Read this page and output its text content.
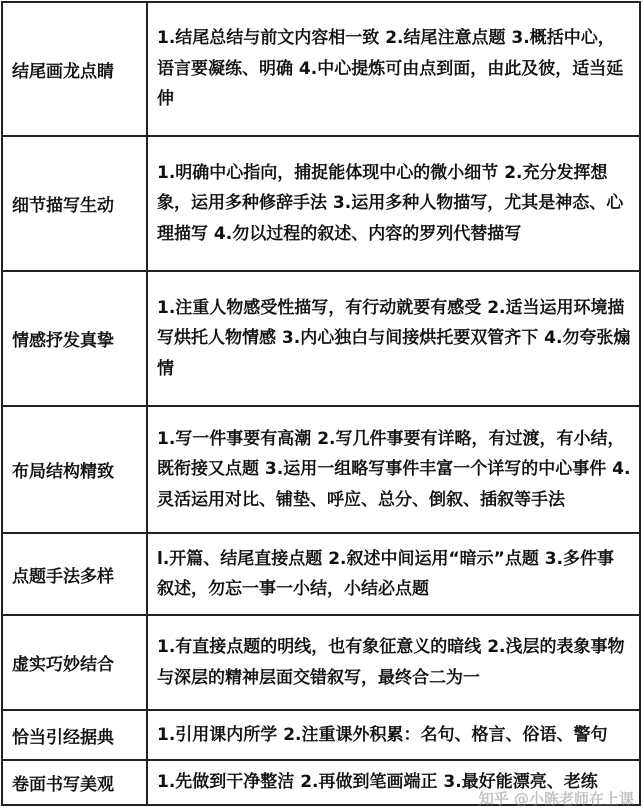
结尾画龙点睛	1.结尾总结与前文内容相一致 2.结尾注意点题 3.概括中心，语言要凝练、明确 4.中心提炼可由点到面，由此及彼，适当延伸
细节描写生动	1.明确中心指向，捕捉能体现中心的微小细节 2.充分发挥想象，运用多种修辞手法 3.运用多种人物描写，尤其是神态、心理描写 4.勿以过程的叙述、内容的罗列代替描写
情感抒发真挚	1.注重人物感受性描写，有行动就要有感受 2.适当运用环境描写烘托人物情感 3.内心独白与间接烘托要双管齐下 4.勿夸张煽情
布局结构精致	1.写一件事要有高潮 2.写几件事要有详略，有过渡，有小结，既衔接又点题 3.运用一组略写事件丰富一个详写的中心事件 4.灵活运用对比、铺垫、呼应、总分、倒叙、插叙等手法
点题手法多样	l.开篇、结尾直接点题 2.叙述中间运用“暗示”点题 3.多件事叙述，勿忘一事一小结，小结必点题
虚实巧妙结合	1.有直接点题的明线，也有象征意义的暗线 2.浅层的表象事物与深层的精神层面交错叙写，最终合二为一
恰当引经据典	1.引用课内所学 2.注重课外积累：名句、格言、俗语、警句
卷面书写美观	1.先做到干净整洁 2.再做到笔画端正 3.最好能漂亮、老练
知乎 @小陈老师在上课
